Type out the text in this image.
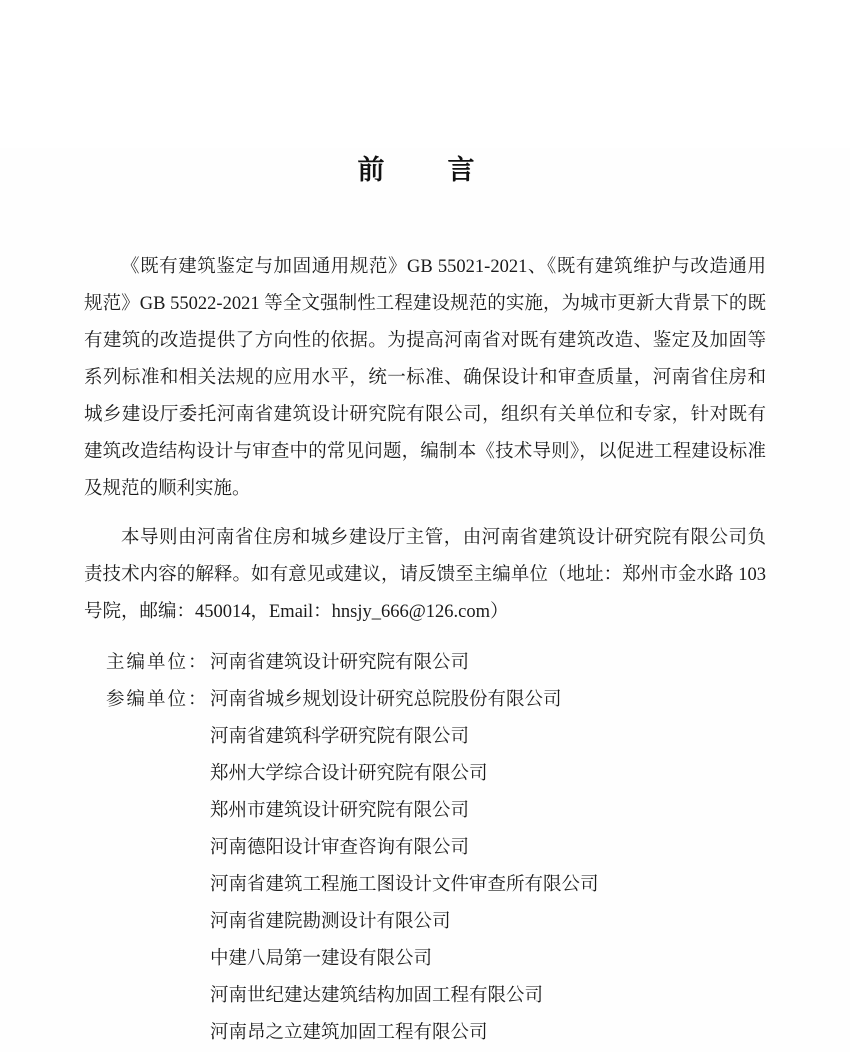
前　言

《既有建筑鉴定与加固通用规范》GB 55021-2021、《既有建筑维护与改造通用规范》GB 55022-2021 等全文强制性工程建设规范的实施，为城市更新大背景下的既有建筑的改造提供了方向性的依据。为提高河南省对既有建筑改造、鉴定及加固等系列标准和相关法规的应用水平，统一标准、确保设计和审查质量，河南省住房和城乡建设厅委托河南省建筑设计研究院有限公司，组织有关单位和专家，针对既有建筑改造结构设计与审查中的常见问题，编制本《技术导则》，以促进工程建设标准及规范的顺利实施。

本导则由河南省住房和城乡建设厅主管，由河南省建筑设计研究院有限公司负责技术内容的解释。如有意见或建议，请反馈至主编单位（地址：郑州市金水路 103 号院，邮编：450014，Email：hnsjy_666@126.com）

主编单位： 河南省建筑设计研究院有限公司
参编单位： 河南省城乡规划设计研究总院股份有限公司
河南省建筑科学研究院有限公司
郑州大学综合设计研究院有限公司
郑州市建筑设计研究院有限公司
河南德阳设计审查咨询有限公司
河南省建筑工程施工图设计文件审查所有限公司
河南省建院勘测设计有限公司
中建八局第一建设有限公司
河南世纪建达建筑结构加固工程有限公司
河南昂之立建筑加固工程有限公司
